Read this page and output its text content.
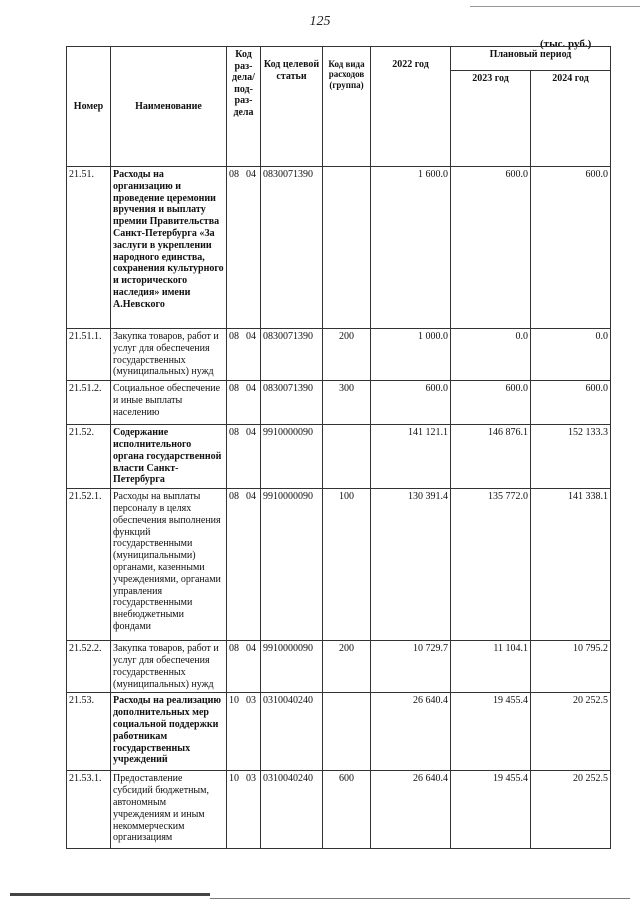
125
(тыс. руб.)
Номер	Наименование	Код раз-дела/ под-раз-дела	Код целевой статьи	Код вида расходов (группа)	2022 год	Плановый период	
						2023 год	2024 год
21.51.	Расходы на организацию и проведение церемонии вручения и выплату премии Правительства Санкт-Петербурга «За заслуги в укреплении народного единства, сохранения культурного и исторического наследия» имени А.Невского	08 04	0830071390		1 600.0	600.0	600.0
21.51.1.	Закупка товаров, работ и услуг для обеспечения государственных (муниципальных) нужд	08 04	0830071390	200	1 000.0	0.0	0.0
21.51.2.	Социальное обеспечение и иные выплаты населению	08 04	0830071390	300	600.0	600.0	600.0
21.52.	Содержание исполнительного органа государственной власти Санкт-Петербурга	08 04	9910000090		141 121.1	146 876.1	152 133.3
21.52.1.	Расходы на выплаты персоналу в целях обеспечения выполнения функций государственными (муниципальными) органами, казенными учреждениями, органами управления государственными внебюджетными фондами	08 04	9910000090	100	130 391.4	135 772.0	141 338.1
21.52.2.	Закупка товаров, работ и услуг для обеспечения государственных (муниципальных) нужд	08 04	9910000090	200	10 729.7	11 104.1	10 795.2
21.53.	Расходы на реализацию дополнительных мер социальной поддержки работникам государственных учреждений	10 03	0310040240		26 640.4	19 455.4	20 252.5
21.53.1.	Предоставление субсидий бюджетным, автономным учреждениям и иным некоммерческим организациям	10 03	0310040240	600	26 640.4	19 455.4	20 252.5
